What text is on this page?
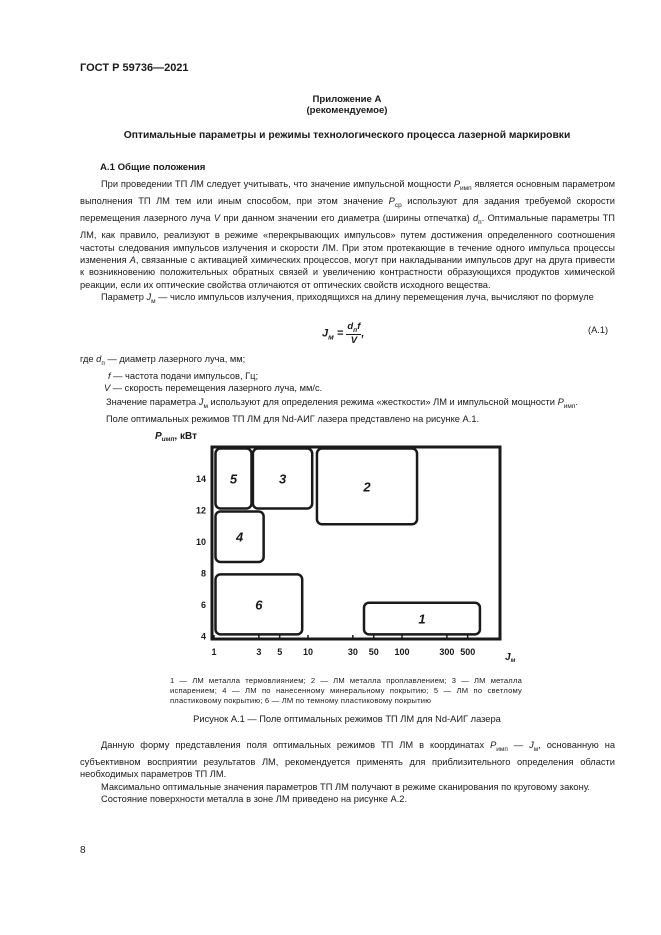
ГОСТ Р 59736—2021
Приложение А
(рекомендуемое)
Оптимальные параметры и режимы технологического процесса лазерной маркировки
А.1 Общие положения

При проведении ТП ЛМ следует учитывать, что значение импульсной мощности $P_{имп}$ является основным параметром выполнения ТП ЛМ тем или иным способом, при этом значение $P_{ср}$ используют для задания требуемой скорости перемещения лазерного луча V при данном значении его диаметра (ширины отпечатка) $d_п$. Оптимальные параметры ТП ЛМ, как правило, реализуют в режиме «перекрывающих импульсов» путем достижения определенного соотношения частоты следования импульсов излучения и скорости ЛМ. При этом протекающие в течение одного импульса процессы изменения А, связанные с активацией химических процессов, могут при накладывании импульсов друг на друга привести к возникновению положительных обратных связей и увеличению контрастности образующихся продуктов химической реакции, если их оптические свойства отличаются от оптических свойств исходного вещества.

Параметр $J_м$ — число импульсов излучения, приходящихся на длину перемещения луча, вычисляют по формуле

$J_м$ =
$d_пf$
V
,	(А.1)
где $d_п$ — диаметр лазерного луча, мм;
f — частота подачи импульсов, Гц;
V — скорость перемещения лазерного луча, мм/с.
Значение параметра $J_м$ используют для определения режима «жесткости» ЛМ и импульсной мощности $P_{имп}$.
Поле оптимальных режимов ТП ЛМ для Nd-АИГ лазера представлено на рисунке А.1.
$P_{имп}$, кВт
$J_м$
4
6
8
10
12
14
1	3 5 10	30 50 100	300 500
5	3
2
4
6
1
1 — ЛМ металла термовлиянием; 2 — ЛМ металла проплавлением; 3 — ЛМ металла испарением; 4 — ЛМ по нанесенному минеральному покрытию; 5 — ЛМ по светлому пластиковому покрытию; 6 — ЛМ по темному пластиковому покрытию
Рисунок А.1 — Поле оптимальных режимов ТП ЛМ для Nd-АИГ лазера

Данную форму представления поля оптимальных режимов ТП ЛМ в координатах $P_{имп}$ — $J_м$, основанную на субъективном восприятии результатов ЛМ, рекомендуется применять для приблизительного определения области необходимых параметров ТП ЛМ.

Максимально оптимальные значения параметров ТП ЛМ получают в режиме сканирования по круговому закону.

Состояние поверхности металла в зоне ЛМ приведено на рисунке А.2.

8
